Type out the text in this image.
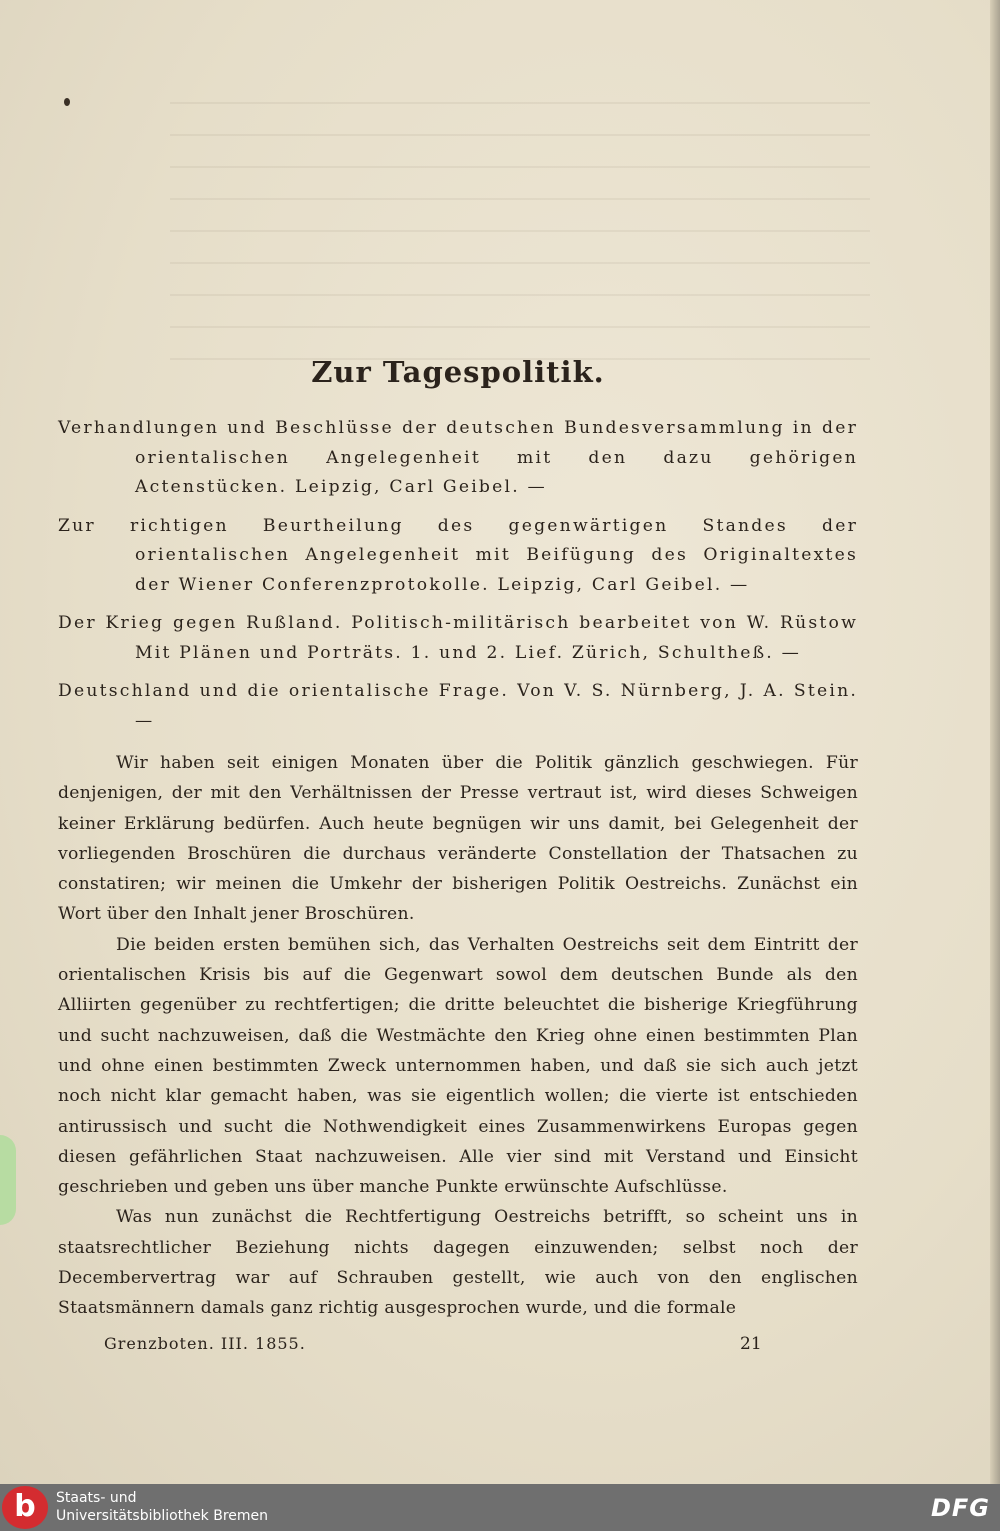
Zur Tagespolitik.

Verhandlungen und Beschlüsse der deutschen Bundesversammlung in der orientalischen Angelegenheit mit den dazu gehörigen Actenstücken. Leipzig, Carl Geibel. —

Zur richtigen Beurtheilung des gegenwärtigen Standes der orientalischen Angelegenheit mit Beifügung des Originaltextes der Wiener Conferenzprotokolle. Leipzig, Carl Geibel. —

Der Krieg gegen Rußland. Politisch-militärisch bearbeitet von W. Rüstow Mit Plänen und Porträts. 1. und 2. Lief. Zürich, Schultheß. —

Deutschland und die orientalische Frage. Von V. S. Nürnberg, J. A. Stein. —

Wir haben seit einigen Monaten über die Politik gänzlich geschwiegen. Für denjenigen, der mit den Verhältnissen der Presse vertraut ist, wird dieses Schweigen keiner Erklärung bedürfen. Auch heute begnügen wir uns damit, bei Gelegenheit der vorliegenden Broschüren die durchaus veränderte Constellation der Thatsachen zu constatiren; wir meinen die Umkehr der bisherigen Politik Oestreichs. Zunächst ein Wort über den Inhalt jener Broschüren.

Die beiden ersten bemühen sich, das Verhalten Oestreichs seit dem Eintritt der orientalischen Krisis bis auf die Gegenwart sowol dem deutschen Bunde als den Alliirten gegenüber zu rechtfertigen; die dritte beleuchtet die bisherige Kriegführung und sucht nachzuweisen, daß die Westmächte den Krieg ohne einen bestimmten Plan und ohne einen bestimmten Zweck unternommen haben, und daß sie sich auch jetzt noch nicht klar gemacht haben, was sie eigentlich wollen; die vierte ist entschieden antirussisch und sucht die Nothwendigkeit eines Zusammenwirkens Europas gegen diesen gefährlichen Staat nachzuweisen. Alle vier sind mit Verstand und Einsicht geschrieben und geben uns über manche Punkte erwünschte Aufschlüsse.

Was nun zunächst die Rechtfertigung Oestreichs betrifft, so scheint uns in staatsrechtlicher Beziehung nichts dagegen einzuwenden; selbst noch der Decembervertrag war auf Schrauben gestellt, wie auch von den englischen Staatsmännern damals ganz richtig ausgesprochen wurde, und die formale

Grenzboten. III. 1855.	21
b	Staats- und
Universitätsbibliothek Bremen	DFG
